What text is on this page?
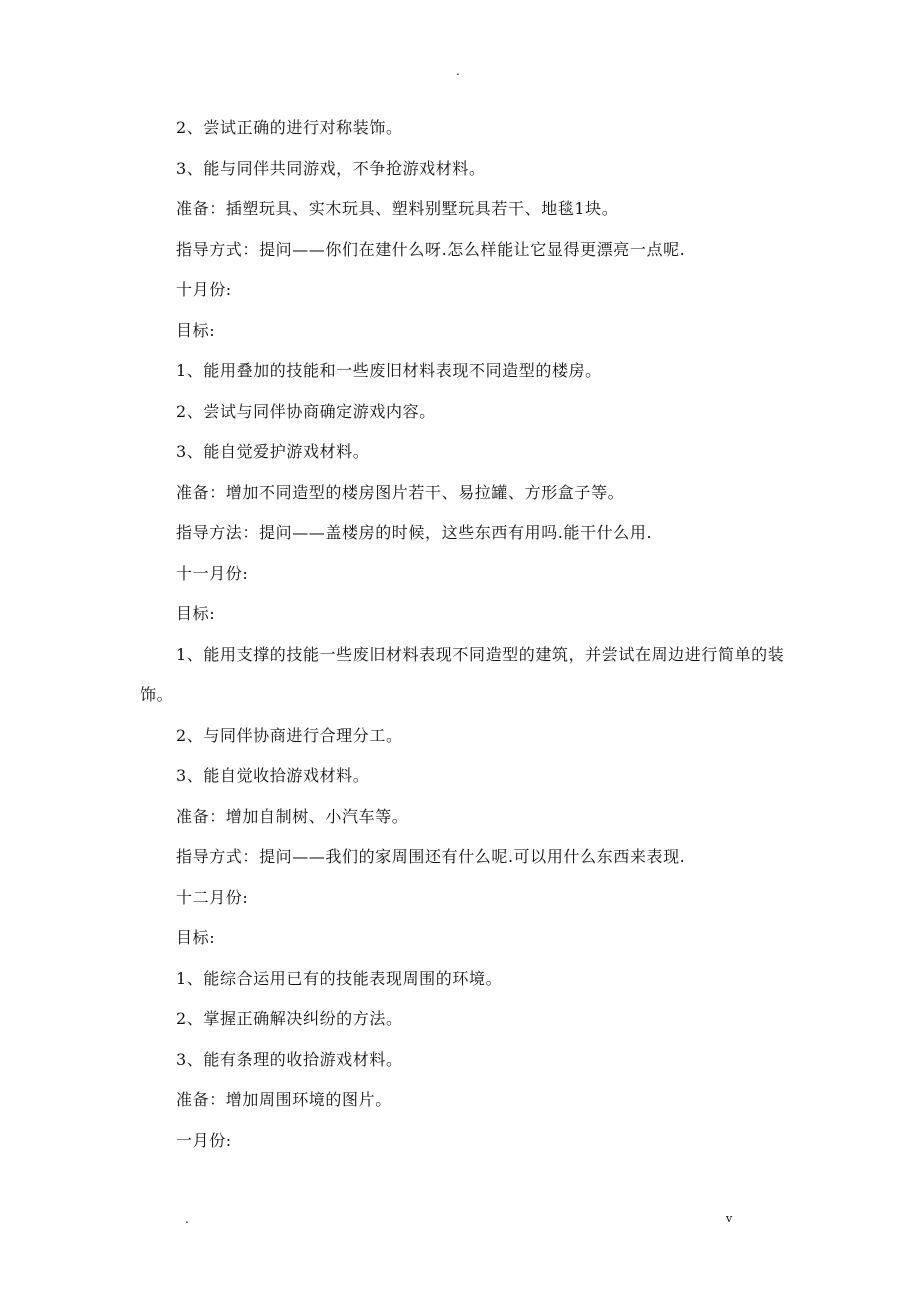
.

2、尝试正确的进行对称装饰。

3、能与同伴共同游戏，不争抢游戏材料。

准备：插塑玩具、实木玩具、塑料别墅玩具若干、地毯1块。

指导方式：提问——你们在建什么呀.怎么样能让它显得更漂亮一点呢.

十月份:

目标:

1、能用叠加的技能和一些废旧材料表现不同造型的楼房。

2、尝试与同伴协商确定游戏内容。

3、能自觉爱护游戏材料。

准备：增加不同造型的楼房图片若干、易拉罐、方形盒子等。

指导方法：提问——盖楼房的时候，这些东西有用吗.能干什么用.

十一月份:

目标:

1、能用支撑的技能一些废旧材料表现不同造型的建筑，并尝试在周边进行简单的装饰。

2、与同伴协商进行合理分工。

3、能自觉收拾游戏材料。

准备：增加自制树、小汽车等。

指导方式：提问——我们的家周围还有什么呢.可以用什么东西来表现.

十二月份:

目标:

1、能综合运用已有的技能表现周围的环境。

2、掌握正确解决纠纷的方法。

3、能有条理的收拾游戏材料。

准备：增加周围环境的图片。

一月份:

.	v
